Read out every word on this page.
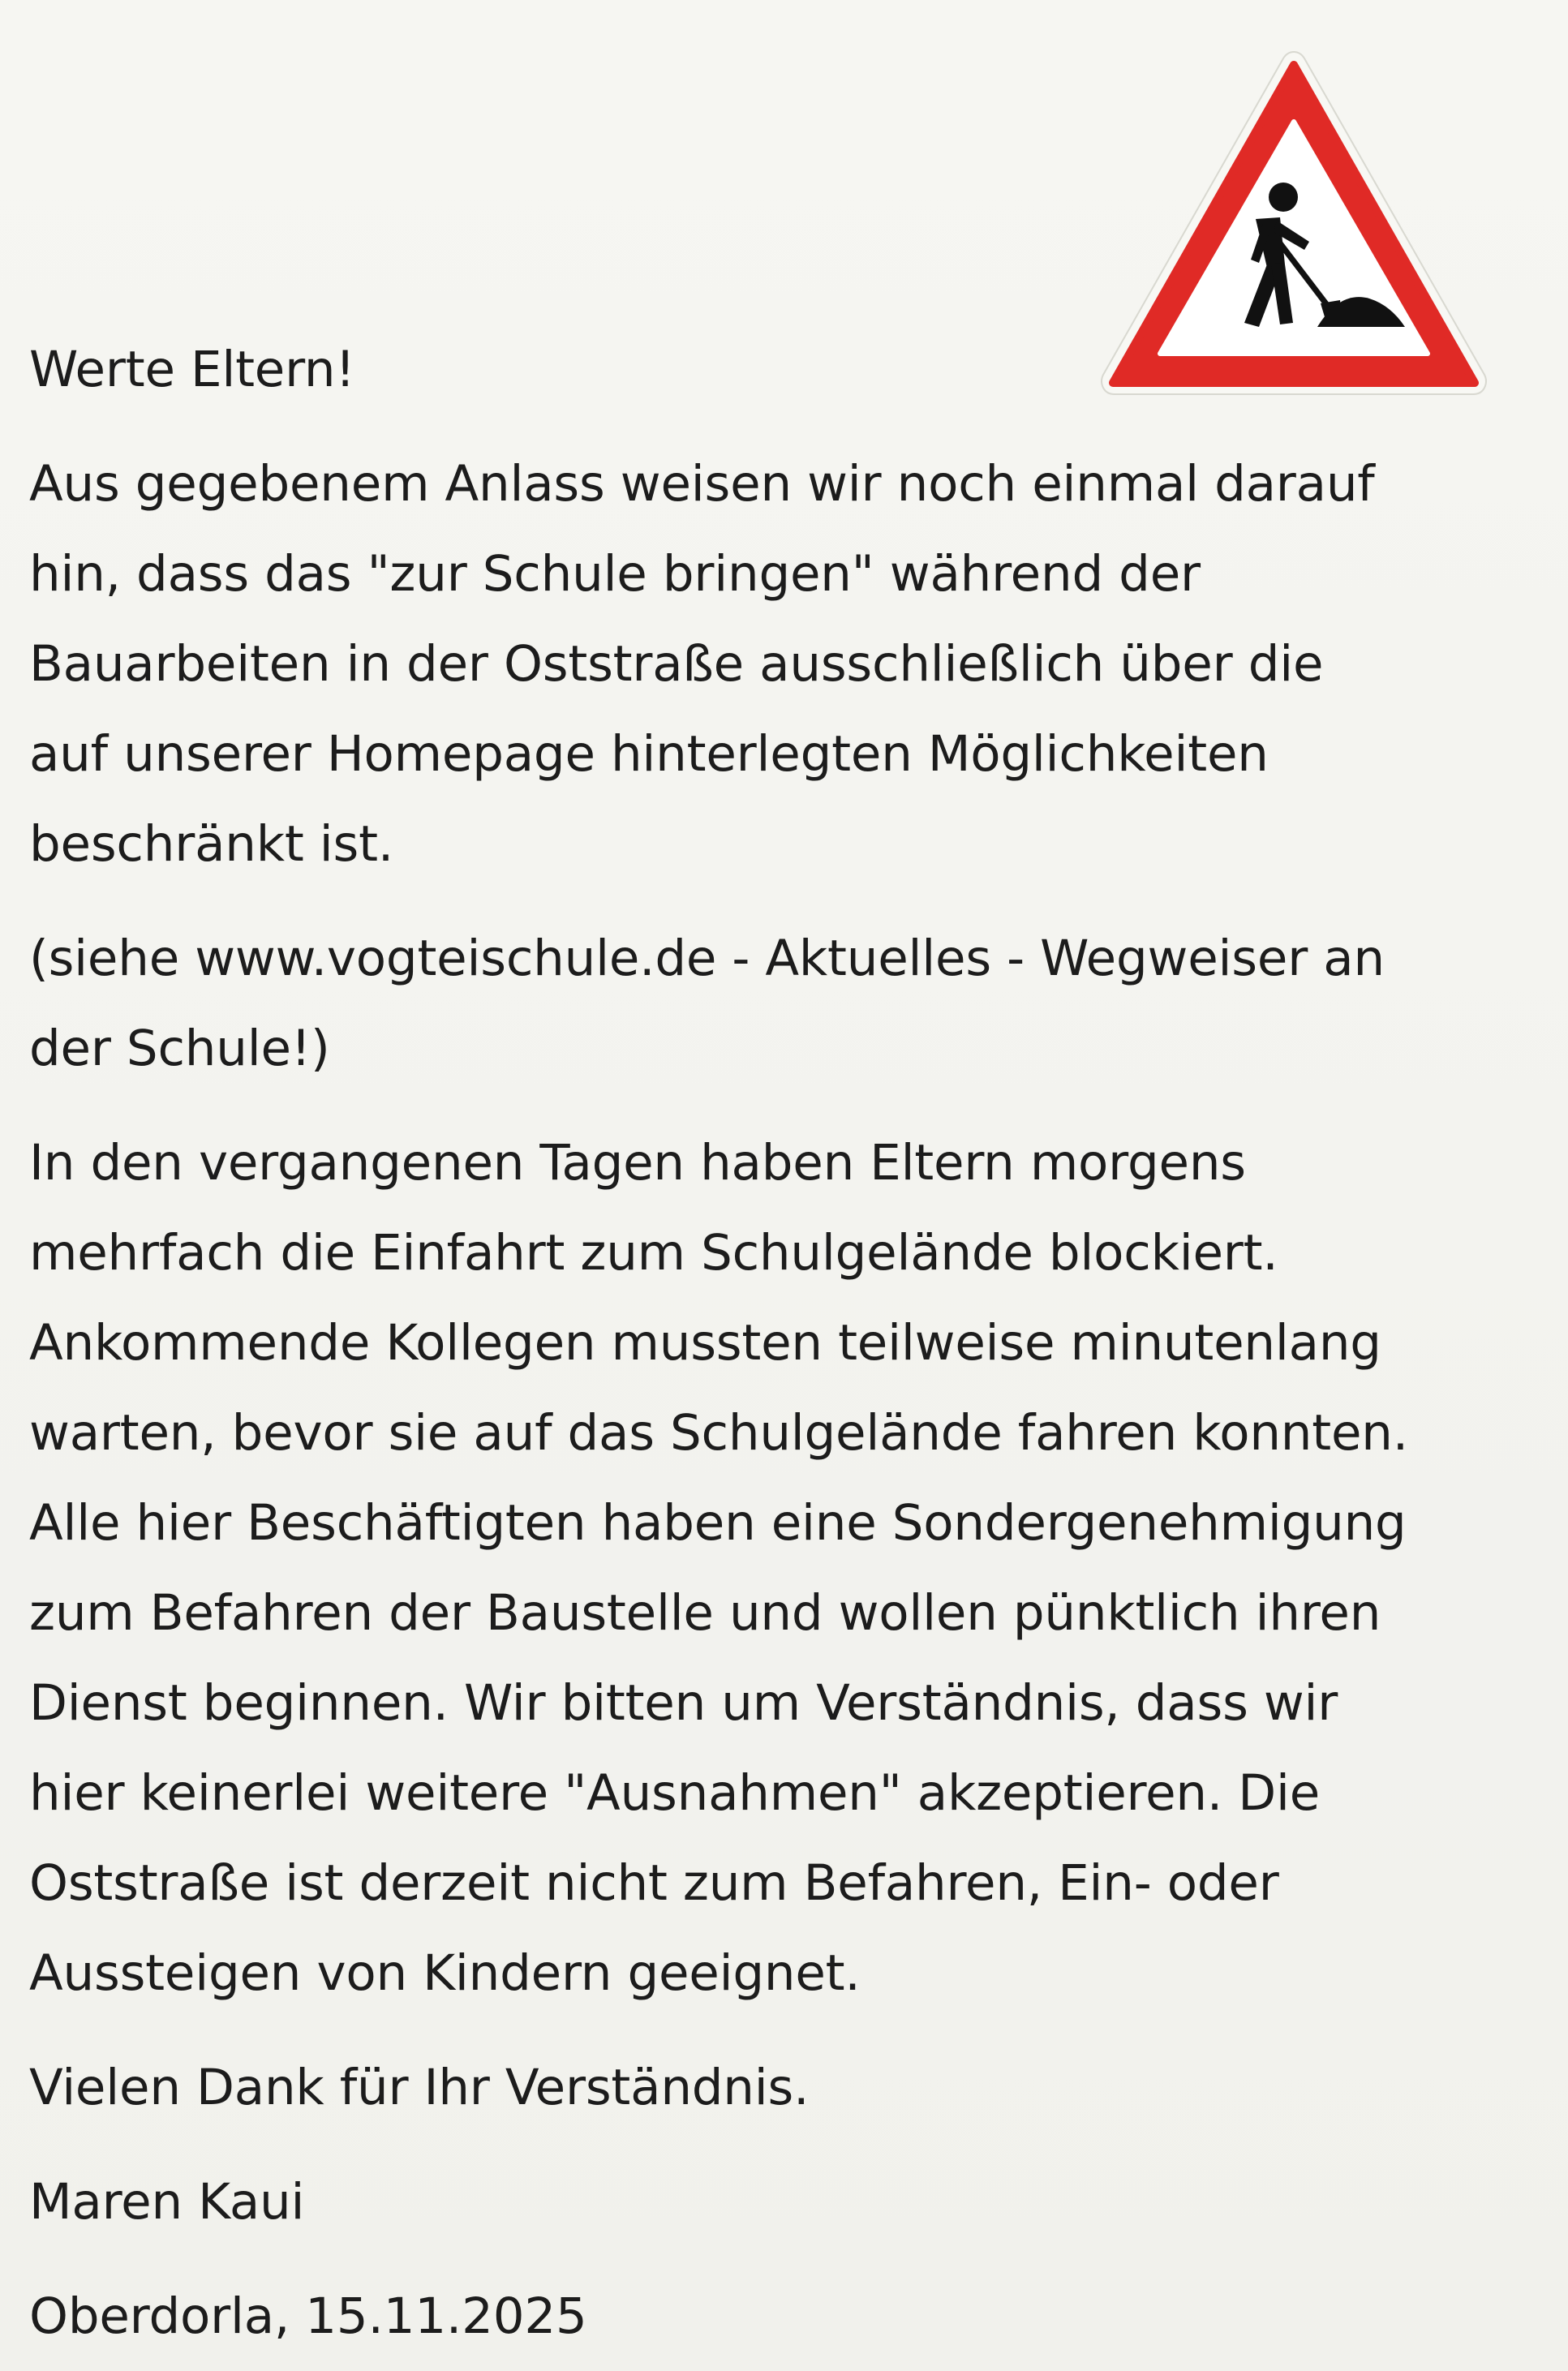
Werte Eltern!

Aus gegebenem Anlass weisen wir noch einmal darauf
hin, dass das "zur Schule bringen" während der
Bauarbeiten in der Oststraße ausschließlich über die
auf unserer Homepage hinterlegten Möglichkeiten
beschränkt ist.

(siehe www.vogteischule.de - Aktuelles - Wegweiser an
der Schule!)

In den vergangenen Tagen haben Eltern morgens
mehrfach die Einfahrt zum Schulgelände blockiert.
Ankommende Kollegen mussten teilweise minutenlang
warten, bevor sie auf das Schulgelände fahren konnten.
Alle hier Beschäftigten haben eine Sondergenehmigung
zum Befahren der Baustelle und wollen pünktlich ihren
Dienst beginnen. Wir bitten um Verständnis, dass wir
hier keinerlei weitere "Ausnahmen" akzeptieren. Die
Oststraße ist derzeit nicht zum Befahren, Ein- oder
Aussteigen von Kindern geeignet.

Vielen Dank für Ihr Verständnis.

Maren Kaui

Oberdorla, 15.11.2025
